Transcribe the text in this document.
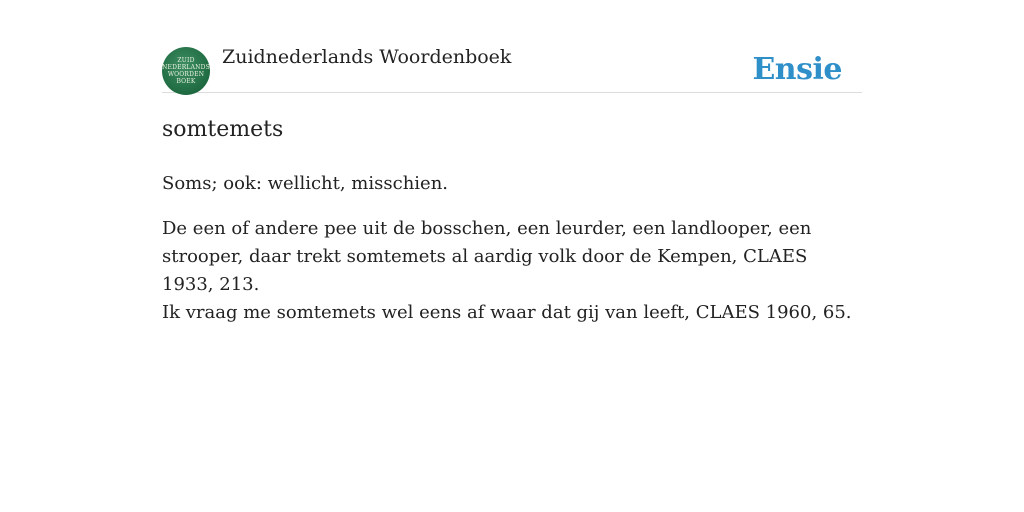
ZUID
NEDERLANDS
WOORDEN
BOEK
Zuidnederlands Woordenboek	Ensie
somtemets

Soms; ook: wellicht, misschien.

De een of andere pee uit de bosschen, een leurder, een landlooper, een strooper, daar trekt somtemets al aardig volk door de Kempen, CLAES 1933, 213.

Ik vraag me somtemets wel eens af waar dat gij van leeft, CLAES 1960, 65.
